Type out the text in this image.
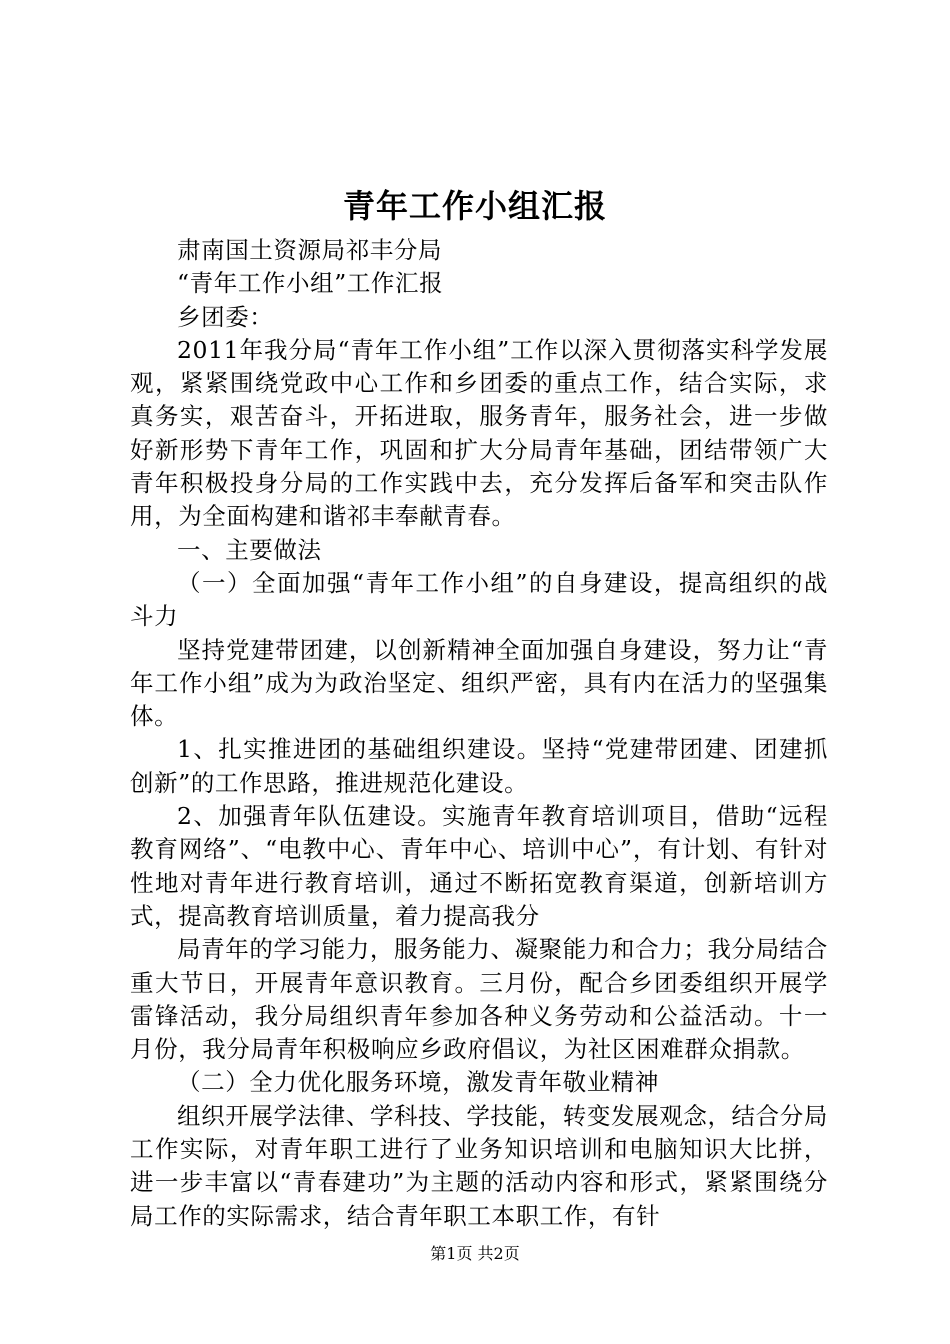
青年工作小组汇报

肃南国土资源局祁丰分局

“青年工作小组”工作汇报

乡团委：

2011年我分局“青年工作小组”工作以深入贯彻落实科学发展观，紧紧围绕党政中心工作和乡团委的重点工作，结合实际，求真务实，艰苦奋斗，开拓进取，服务青年，服务社会，进一步做好新形势下青年工作，巩固和扩大分局青年基础，团结带领广大青年积极投身分局的工作实践中去，充分发挥后备军和突击队作用，为全面构建和谐祁丰奉献青春。

一、主要做法

（一）全面加强“青年工作小组”的自身建设，提高组织的战斗力

坚持党建带团建，以创新精神全面加强自身建设，努力让“青年工作小组”成为为政治坚定、组织严密，具有内在活力的坚强集体。

1、扎实推进团的基础组织建设。坚持“党建带团建、团建抓创新”的工作思路，推进规范化建设。

2、加强青年队伍建设。实施青年教育培训项目，借助“远程教育网络”、“电教中心、青年中心、培训中心”，有计划、有针对性地对青年进行教育培训，通过不断拓宽教育渠道，创新培训方式，提高教育培训质量，着力提高我分

局青年的学习能力，服务能力、凝聚能力和合力；我分局结合重大节日，开展青年意识教育。三月份，配合乡团委组织开展学雷锋活动，我分局组织青年参加各种义务劳动和公益活动。十一月份，我分局青年积极响应乡政府倡议，为社区困难群众捐款。

（二）全力优化服务环境，激发青年敬业精神

组织开展学法律、学科技、学技能，转变发展观念，结合分局工作实际，对青年职工进行了业务知识培训和电脑知识大比拼，进一步丰富以“青春建功”为主题的活动内容和形式，紧紧围绕分局工作的实际需求，结合青年职工本职工作，有针

第1页 共2页
